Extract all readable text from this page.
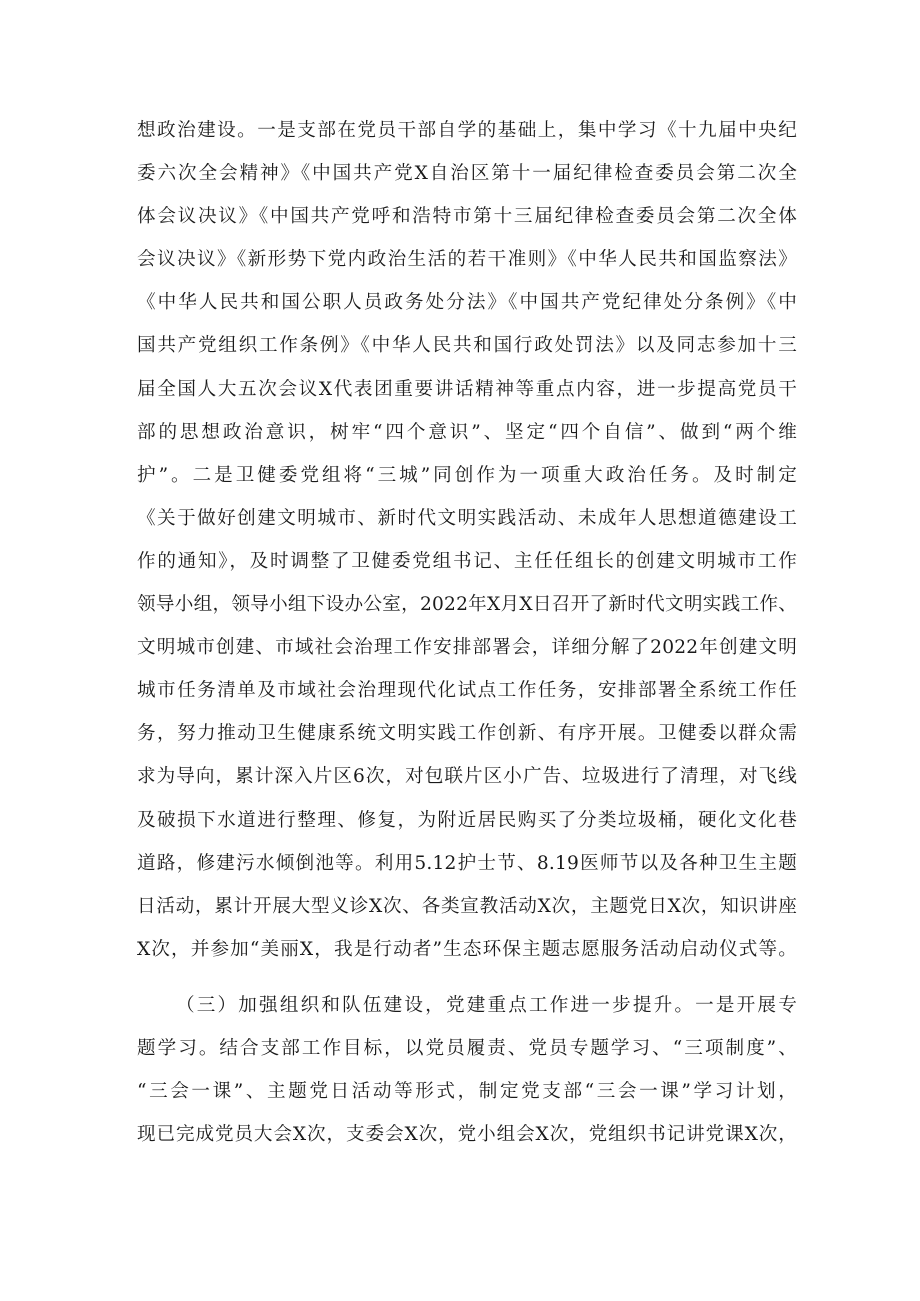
想政治建设。一是支部在党员干部自学的基础上，集中学习《十九届中央纪
委六次全会精神》《中国共产党X自治区第十一届纪律检查委员会第二次全
体会议决议》《中国共产党呼和浩特市第十三届纪律检查委员会第二次全体
会议决议》《新形势下党内政治生活的若干准则》《中华人民共和国监察法》
《中华人民共和国公职人员政务处分法》《中国共产党纪律处分条例》《中
国共产党组织工作条例》《中华人民共和国行政处罚法》以及同志参加十三
届全国人大五次会议X代表团重要讲话精神等重点内容，进一步提高党员干
部的思想政治意识，树牢“四个意识”、坚定“四个自信”、做到“两个维
护”。二是卫健委党组将“三城”同创作为一项重大政治任务。及时制定
《关于做好创建文明城市、新时代文明实践活动、未成年人思想道德建设工
作的通知》，及时调整了卫健委党组书记、主任任组长的创建文明城市工作
领导小组，领导小组下设办公室，2022年X月X日召开了新时代文明实践工作、
文明城市创建、市域社会治理工作安排部署会，详细分解了2022年创建文明
城市任务清单及市域社会治理现代化试点工作任务，安排部署全系统工作任
务，努力推动卫生健康系统文明实践工作创新、有序开展。卫健委以群众需
求为导向，累计深入片区6次，对包联片区小广告、垃圾进行了清理，对飞线
及破损下水道进行整理、修复，为附近居民购买了分类垃圾桶，硬化文化巷
道路，修建污水倾倒池等。利用5.12护士节、8.19医师节以及各种卫生主题
日活动，累计开展大型义诊X次、各类宣教活动X次，主题党日X次，知识讲座
X次，并参加“美丽X，我是行动者”生态环保主题志愿服务活动启动仪式等。
（三）加强组织和队伍建设，党建重点工作进一步提升。一是开展专
题学习。结合支部工作目标，以党员履责、党员专题学习、“三项制度”、
“三会一课”、主题党日活动等形式，制定党支部“三会一课”学习计划，
现已完成党员大会X次，支委会X次，党小组会X次，党组织书记讲党课X次，
